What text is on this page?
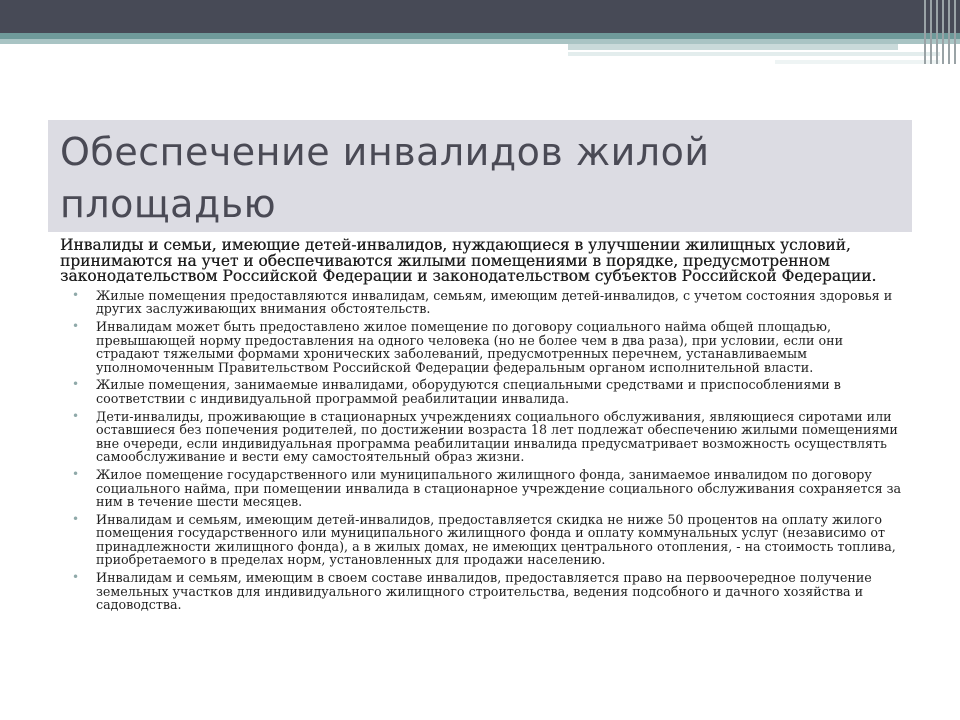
Обеспечение инвалидов жилой площадью

Инвалиды и семьи, имеющие детей-инвалидов, нуждающиеся в улучшении жилищных условий, принимаются на учет и обеспечиваются жилыми помещениями в порядке, предусмотренном законодательством Российской Федерации и законодательством субъектов Российской Федерации.

• Жилые помещения предоставляются инвалидам, семьям, имеющим детей-инвалидов, с учетом состояния здоровья и других заслуживающих внимания обстоятельств.
• Инвалидам может быть предоставлено жилое помещение по договору социального найма общей площадью, превышающей норму предоставления на одного человека (но не более чем в два раза), при условии, если они страдают тяжелыми формами хронических заболеваний, предусмотренных перечнем, устанавливаемым уполномоченным Правительством Российской Федерации федеральным органом исполнительной власти.
• Жилые помещения, занимаемые инвалидами, оборудуются специальными средствами и приспособлениями в соответствии с индивидуальной программой реабилитации инвалида.
• Дети-инвалиды, проживающие в стационарных учреждениях социального обслуживания, являющиеся сиротами или оставшиеся без попечения родителей, по достижении возраста 18 лет подлежат обеспечению жилыми помещениями вне очереди, если индивидуальная программа реабилитации инвалида предусматривает возможность осуществлять самообслуживание и вести ему самостоятельный образ жизни.
• Жилое помещение государственного или муниципального жилищного фонда, занимаемое инвалидом по договору социального найма, при помещении инвалида в стационарное учреждение социального обслуживания сохраняется за ним в течение шести месяцев.
• Инвалидам и семьям, имеющим детей-инвалидов, предоставляется скидка не ниже 50 процентов на оплату жилого помещения государственного или муниципального жилищного фонда и оплату коммунальных услуг (независимо от принадлежности жилищного фонда), а в жилых домах, не имеющих центрального отопления, - на стоимость топлива, приобретаемого в пределах норм, установленных для продажи населению.
• Инвалидам и семьям, имеющим в своем составе инвалидов, предоставляется право на первоочередное получение земельных участков для индивидуального жилищного строительства, ведения подсобного и дачного хозяйства и садоводства.
